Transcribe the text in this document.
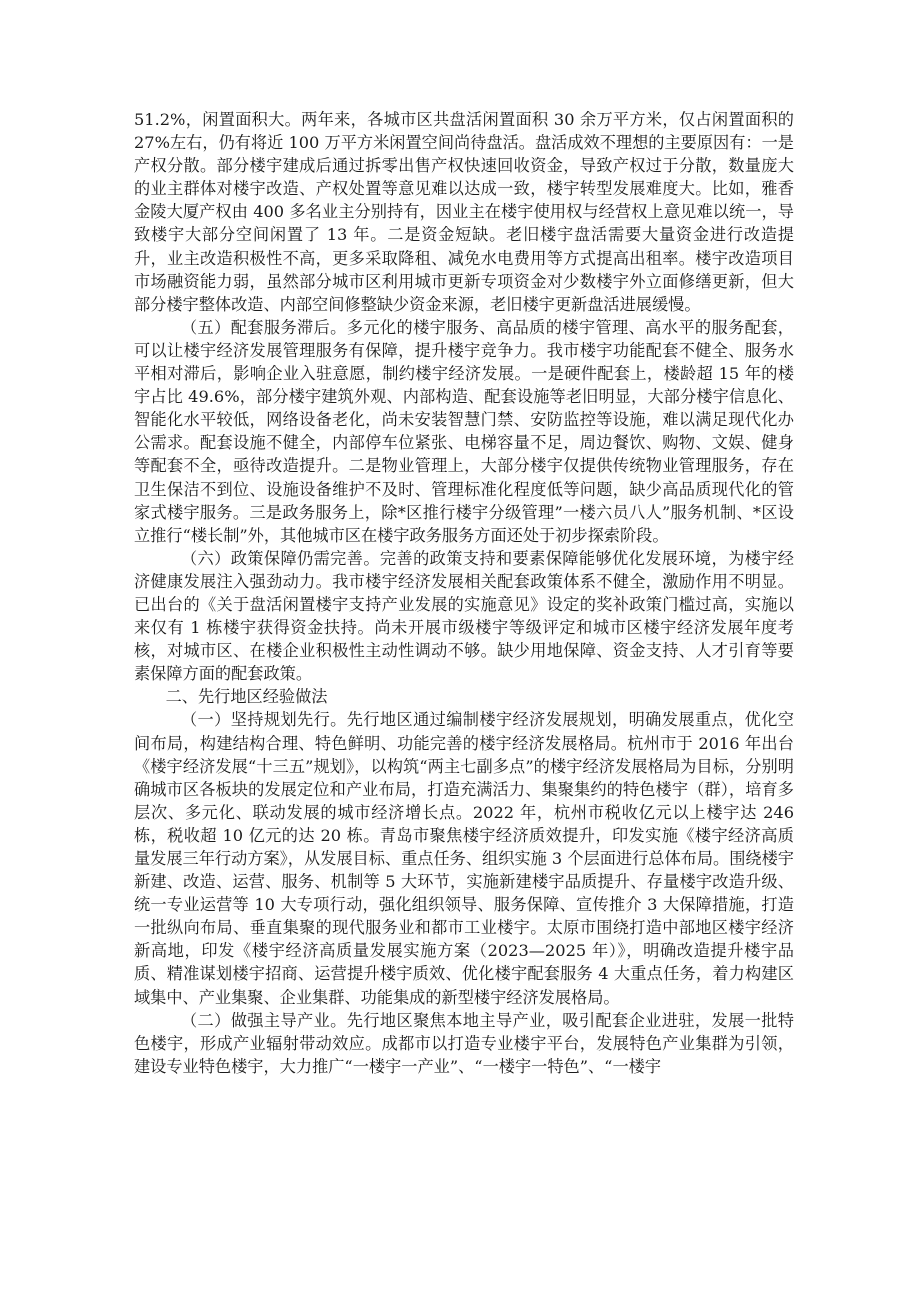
51.2%，闲置面积大。两年来，各城市区共盘活闲置面积 30 余万平方米，仅占闲置面积的 27%左右，仍有将近 100 万平方米闲置空间尚待盘活。盘活成效不理想的主要原因有：一是产权分散。部分楼宇建成后通过拆零出售产权快速回收资金，导致产权过于分散，数量庞大的业主群体对楼宇改造、产权处置等意见难以达成一致，楼宇转型发展难度大。比如，雅香金陵大厦产权由 400 多名业主分别持有，因业主在楼宇使用权与经营权上意见难以统一，导致楼宇大部分空间闲置了 13 年。二是资金短缺。老旧楼宇盘活需要大量资金进行改造提升，业主改造积极性不高，更多采取降租、减免水电费用等方式提高出租率。楼宇改造项目市场融资能力弱，虽然部分城市区利用城市更新专项资金对少数楼宇外立面修缮更新，但大部分楼宇整体改造、内部空间修整缺少资金来源，老旧楼宇更新盘活进展缓慢。

（五）配套服务滞后。多元化的楼宇服务、高品质的楼宇管理、高水平的服务配套，可以让楼宇经济发展管理服务有保障，提升楼宇竞争力。我市楼宇功能配套不健全、服务水平相对滞后，影响企业入驻意愿，制约楼宇经济发展。一是硬件配套上，楼龄超 15 年的楼宇占比 49.6%，部分楼宇建筑外观、内部构造、配套设施等老旧明显，大部分楼宇信息化、智能化水平较低，网络设备老化，尚未安装智慧门禁、安防监控等设施，难以满足现代化办公需求。配套设施不健全，内部停车位紧张、电梯容量不足，周边餐饮、购物、文娱、健身等配套不全，亟待改造提升。二是物业管理上，大部分楼宇仅提供传统物业管理服务，存在卫生保洁不到位、设施设备维护不及时、管理标准化程度低等问题，缺少高品质现代化的管家式楼宇服务。三是政务服务上，除*区推行楼宇分级管理”一楼六员八人”服务机制、*区设立推行“楼长制”外，其他城市区在楼宇政务服务方面还处于初步探索阶段。

（六）政策保障仍需完善。完善的政策支持和要素保障能够优化发展环境，为楼宇经济健康发展注入强劲动力。我市楼宇经济发展相关配套政策体系不健全，激励作用不明显。已出台的《关于盘活闲置楼宇支持产业发展的实施意见》设定的奖补政策门槛过高，实施以来仅有 1 栋楼宇获得资金扶持。尚未开展市级楼宇等级评定和城市区楼宇经济发展年度考核，对城市区、在楼企业积极性主动性调动不够。缺少用地保障、资金支持、人才引育等要素保障方面的配套政策。

二、先行地区经验做法

（一）坚持规划先行。先行地区通过编制楼宇经济发展规划，明确发展重点，优化空间布局，构建结构合理、特色鲜明、功能完善的楼宇经济发展格局。杭州市于 2016 年出台《楼宇经济发展“十三五”规划》，以构筑“两主七副多点”的楼宇经济发展格局为目标，分别明确城市区各板块的发展定位和产业布局，打造充满活力、集聚集约的特色楼宇（群），培育多层次、多元化、联动发展的城市经济增长点。2022 年，杭州市税收亿元以上楼宇达 246 栋，税收超 10 亿元的达 20 栋。青岛市聚焦楼宇经济质效提升，印发实施《楼宇经济高质量发展三年行动方案》，从发展目标、重点任务、组织实施 3 个层面进行总体布局。围绕楼宇新建、改造、运营、服务、机制等 5 大环节，实施新建楼宇品质提升、存量楼宇改造升级、统一专业运营等 10 大专项行动，强化组织领导、服务保障、宣传推介 3 大保障措施，打造一批纵向布局、垂直集聚的现代服务业和都市工业楼宇。太原市围绕打造中部地区楼宇经济新高地，印发《楼宇经济高质量发展实施方案（2023—2025 年）》，明确改造提升楼宇品质、精准谋划楼宇招商、运营提升楼宇质效、优化楼宇配套服务 4 大重点任务，着力构建区域集中、产业集聚、企业集群、功能集成的新型楼宇经济发展格局。

（二）做强主导产业。先行地区聚焦本地主导产业，吸引配套企业进驻，发展一批特色楼宇，形成产业辐射带动效应。成都市以打造专业楼宇平台，发展特色产业集群为引领，建设专业特色楼宇，大力推广“一楼宇一产业”、“一楼宇一特色”、“一楼宇
